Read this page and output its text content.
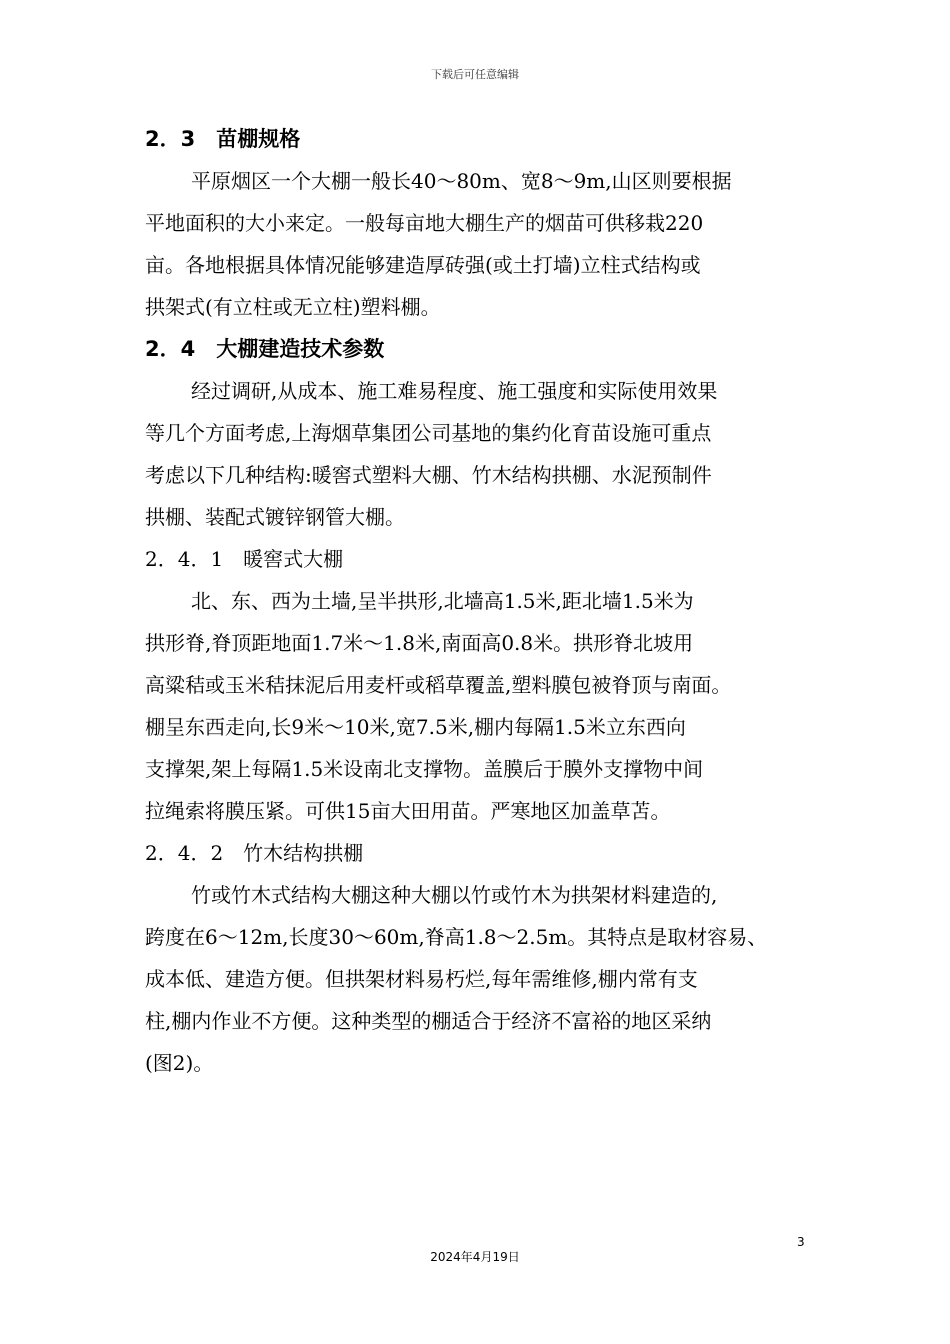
下载后可任意编辑
2．3　苗棚规格
平原烟区一个大棚一般长40～80m、宽8～9m,山区则要根据
平地面积的大小来定。一般每亩地大棚生产的烟苗可供移栽220
亩。各地根据具体情况能够建造厚砖强(或土打墙)立柱式结构或
拱架式(有立柱或无立柱)塑料棚。
2．4　大棚建造技术参数
经过调研,从成本、施工难易程度、施工强度和实际使用效果
等几个方面考虑,上海烟草集团公司基地的集约化育苗设施可重点
考虑以下几种结构:暖窖式塑料大棚、竹木结构拱棚、水泥预制件
拱棚、装配式镀锌钢管大棚。
2．4．1　暖窖式大棚
北、东、西为土墙,呈半拱形,北墙高1.5米,距北墙1.5米为
拱形脊,脊顶距地面1.7米～1.8米,南面高0.8米。拱形脊北坡用
高粱秸或玉米秸抹泥后用麦杆或稻草覆盖,塑料膜包被脊顶与南面。
棚呈东西走向,长9米～10米,宽7.5米,棚内每隔1.5米立东西向
支撑架,架上每隔1.5米设南北支撑物。盖膜后于膜外支撑物中间
拉绳索将膜压紧。可供15亩大田用苗。严寒地区加盖草苫。
2．4．2　竹木结构拱棚
竹或竹木式结构大棚这种大棚以竹或竹木为拱架材料建造的,
跨度在6～12m,长度30～60m,脊高1.8～2.5m。其特点是取材容易、
成本低、建造方便。但拱架材料易朽烂,每年需维修,棚内常有支
柱,棚内作业不方便。这种类型的棚适合于经济不富裕的地区采纳
(图2)。
3
2024年4月19日
